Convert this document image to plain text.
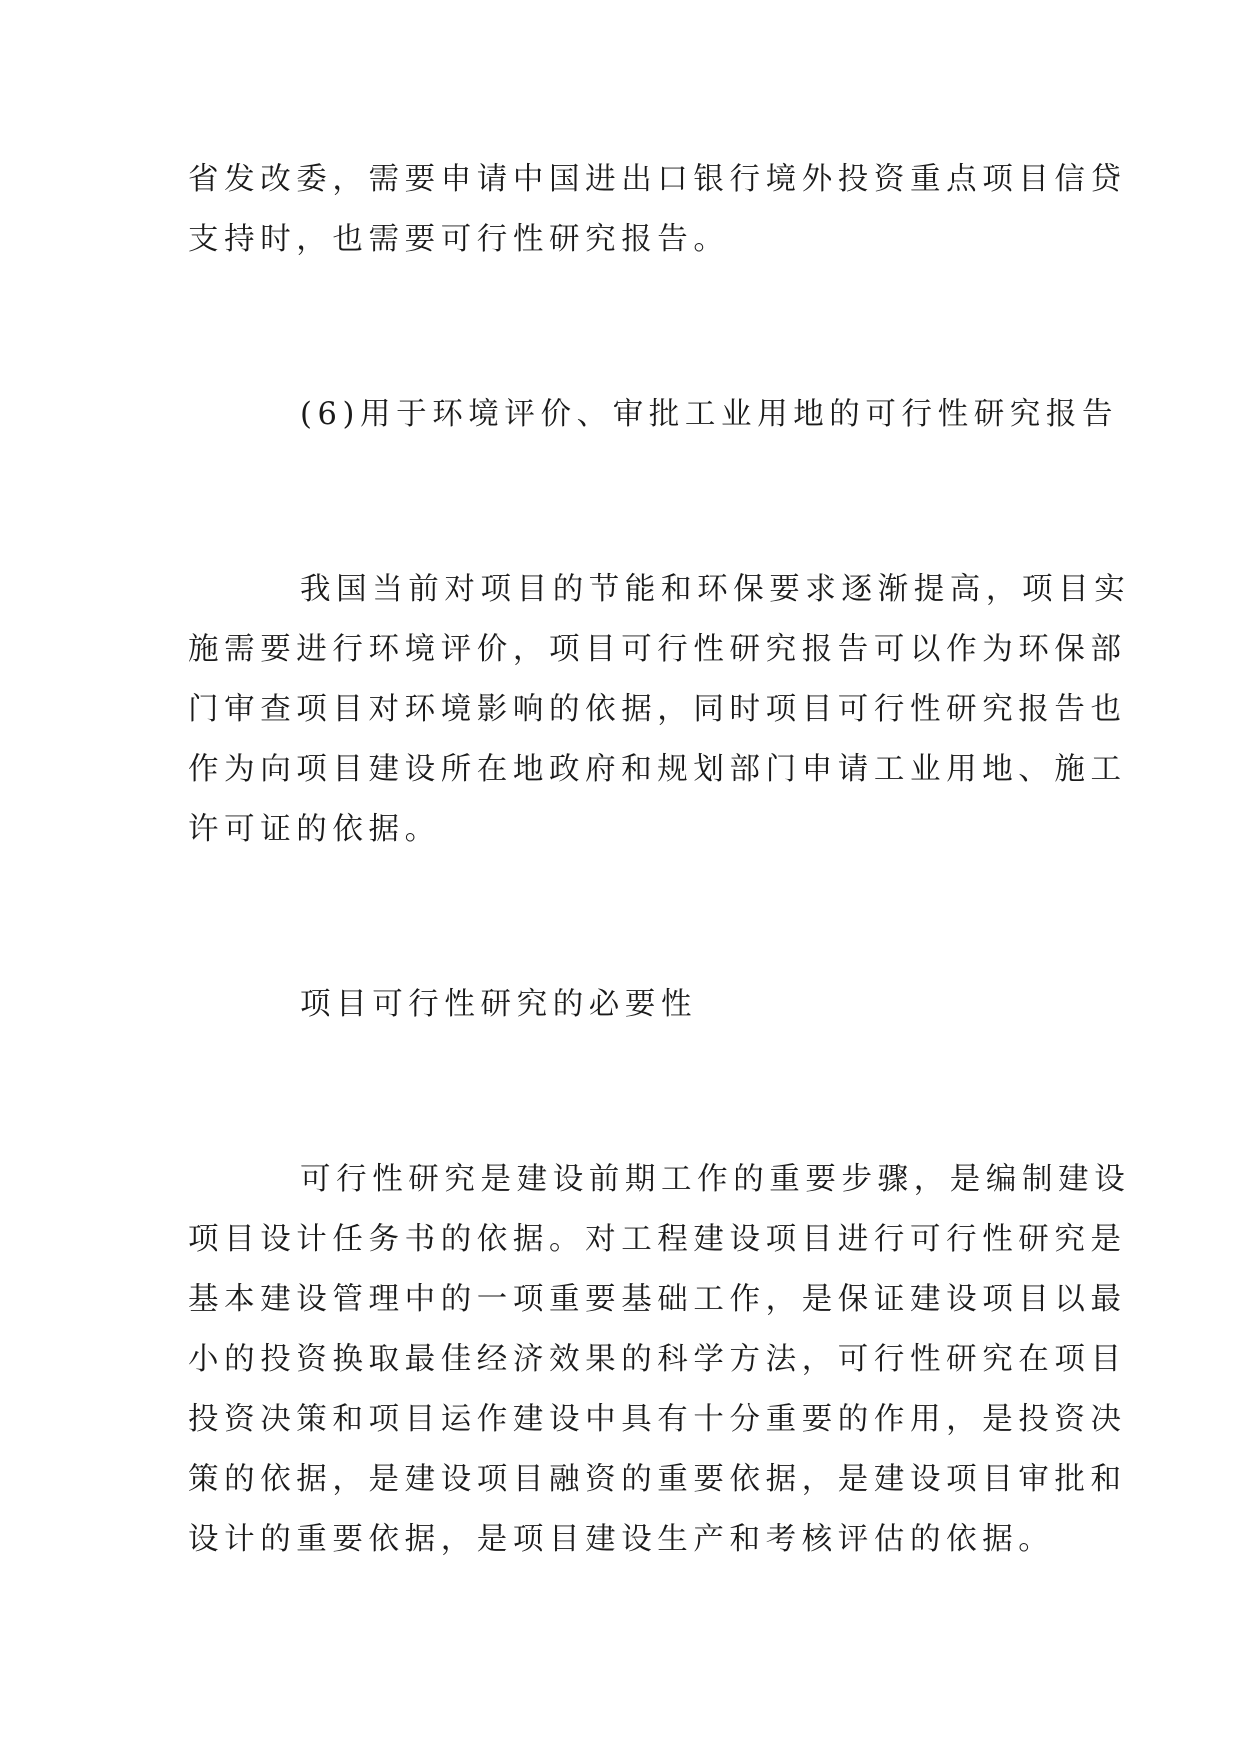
省发改委，需要申请中国进出口银行境外投资重点项目信贷
支持时，也需要可行性研究报告。
(6)用于环境评价、审批工业用地的可行性研究报告
我国当前对项目的节能和环保要求逐渐提高，项目实
施需要进行环境评价，项目可行性研究报告可以作为环保部
门审查项目对环境影响的依据，同时项目可行性研究报告也
作为向项目建设所在地政府和规划部门申请工业用地、施工
许可证的依据。
项目可行性研究的必要性
可行性研究是建设前期工作的重要步骤，是编制建设
项目设计任务书的依据。对工程建设项目进行可行性研究是
基本建设管理中的一项重要基础工作，是保证建设项目以最
小的投资换取最佳经济效果的科学方法，可行性研究在项目
投资决策和项目运作建设中具有十分重要的作用，是投资决
策的依据，是建设项目融资的重要依据，是建设项目审批和
设计的重要依据，是项目建设生产和考核评估的依据。
